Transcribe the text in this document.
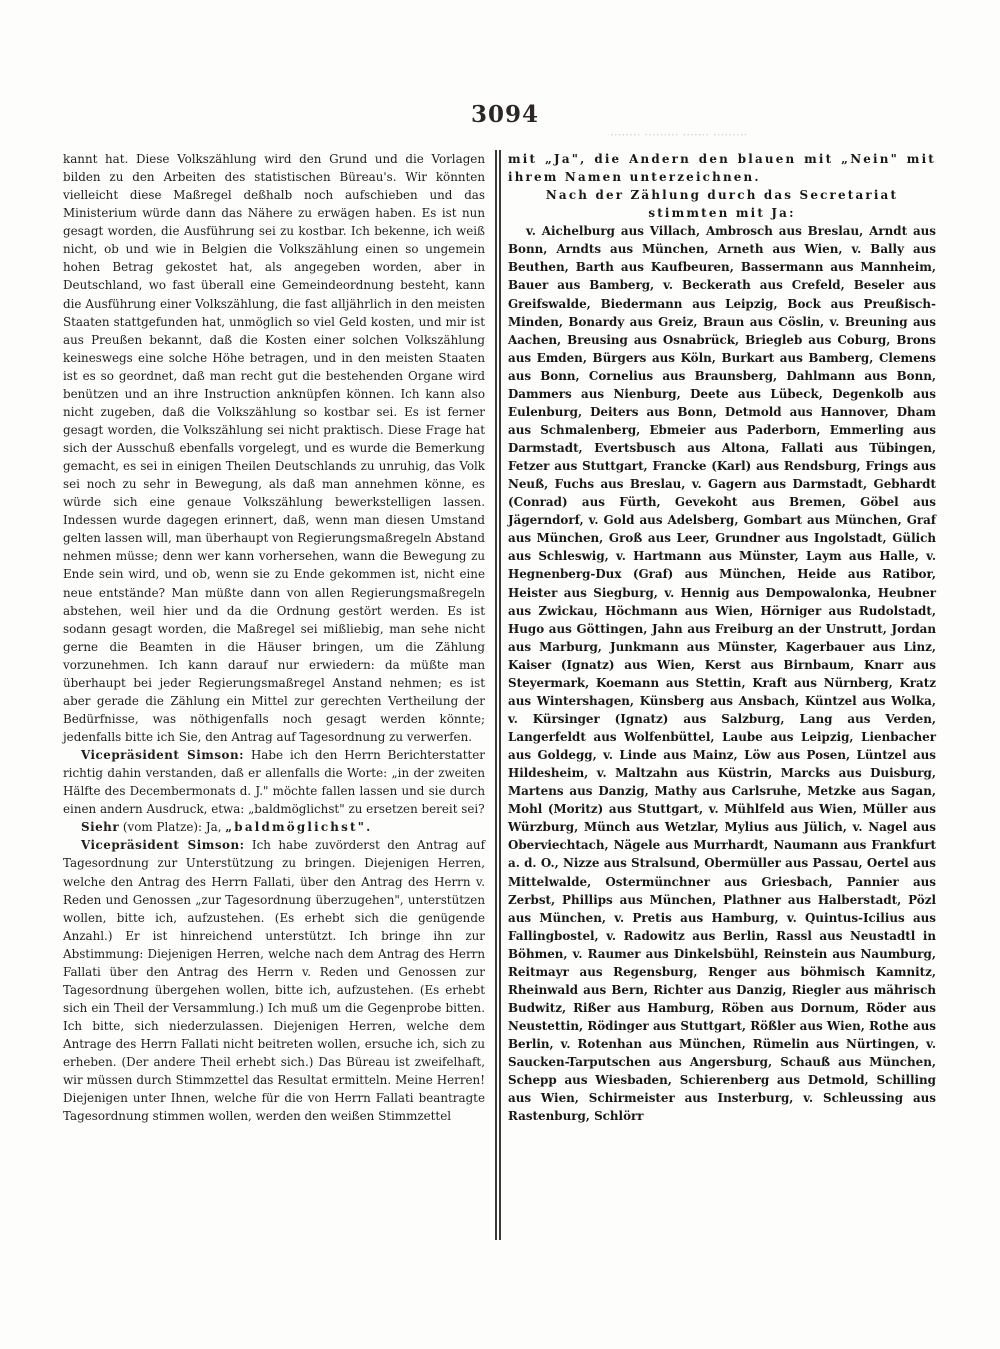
········ ········· ······· ·········
3094

kannt hat. Diese Volkszählung wird den Grund und die Vorlagen bilden zu den Arbeiten des statistischen Büreau's. Wir könnten vielleicht diese Maßregel deßhalb noch aufschieben und das Ministerium würde dann das Nähere zu erwägen haben. Es ist nun gesagt worden, die Ausführung sei zu kostbar. Ich bekenne, ich weiß nicht, ob und wie in Belgien die Volkszählung einen so ungemein hohen Betrag gekostet hat, als angegeben worden, aber in Deutschland, wo fast überall eine Gemeindeordnung besteht, kann die Ausführung einer Volkszählung, die fast alljährlich in den meisten Staaten stattgefunden hat, unmöglich so viel Geld kosten, und mir ist aus Preußen bekannt, daß die Kosten einer solchen Volkszählung keineswegs eine solche Höhe betragen, und in den meisten Staaten ist es so geordnet, daß man recht gut die bestehenden Organe wird benützen und an ihre Instruction anknüpfen können. Ich kann also nicht zugeben, daß die Volkszählung so kostbar sei. Es ist ferner gesagt worden, die Volkszählung sei nicht praktisch. Diese Frage hat sich der Ausschuß ebenfalls vorgelegt, und es wurde die Bemerkung gemacht, es sei in einigen Theilen Deutschlands zu unruhig, das Volk sei noch zu sehr in Bewegung, als daß man annehmen könne, es würde sich eine genaue Volkszählung bewerkstelligen lassen. Indessen wurde dagegen erinnert, daß, wenn man diesen Umstand gelten lassen will, man überhaupt von Regierungsmaßregeln Abstand nehmen müsse; denn wer kann vorhersehen, wann die Bewegung zu Ende sein wird, und ob, wenn sie zu Ende gekommen ist, nicht eine neue entstände? Man müßte dann von allen Regierungsmaßregeln abstehen, weil hier und da die Ordnung gestört werden. Es ist sodann gesagt worden, die Maßregel sei mißliebig, man sehe nicht gerne die Beamten in die Häuser bringen, um die Zählung vorzunehmen. Ich kann darauf nur erwiedern: da müßte man überhaupt bei jeder Regierungsmaßregel Anstand nehmen; es ist aber gerade die Zählung ein Mittel zur gerechten Vertheilung der Bedürfnisse, was nöthigenfalls noch gesagt werden könnte; jedenfalls bitte ich Sie, den Antrag auf Tagesordnung zu verwerfen.

Vicepräsident Simson: Habe ich den Herrn Berichterstatter richtig dahin verstanden, daß er allenfalls die Worte: „in der zweiten Hälfte des Decembermonats d. J." möchte fallen lassen und sie durch einen andern Ausdruck, etwa: „baldmöglichst" zu ersetzen bereit sei?

Siehr (vom Platze): Ja, „baldmöglichst".

Vicepräsident Simson: Ich habe zuvörderst den Antrag auf Tagesordnung zur Unterstützung zu bringen. Diejenigen Herren, welche den Antrag des Herrn Fallati, über den Antrag des Herrn v. Reden und Genossen „zur Tagesordnung überzugehen", unterstützen wollen, bitte ich, aufzustehen. (Es erhebt sich die genügende Anzahl.) Er ist hinreichend unterstützt. Ich bringe ihn zur Abstimmung: Diejenigen Herren, welche nach dem Antrag des Herrn Fallati über den Antrag des Herrn v. Reden und Genossen zur Tagesordnung übergehen wollen, bitte ich, aufzustehen. (Es erhebt sich ein Theil der Versammlung.) Ich muß um die Gegenprobe bitten. Ich bitte, sich niederzulassen. Diejenigen Herren, welche dem Antrage des Herrn Fallati nicht beitreten wollen, ersuche ich, sich zu erheben. (Der andere Theil erhebt sich.) Das Büreau ist zweifelhaft, wir müssen durch Stimmzettel das Resultat ermitteln. Meine Herren! Diejenigen unter Ihnen, welche für die von Herrn Fallati beantragte Tagesordnung stimmen wollen, werden den weißen Stimmzettel

mit „Ja", die Andern den blauen mit „Nein" mit ihrem Namen unterzeichnen.

Nach der Zählung durch das Secretariat stimmten mit Ja:

v. Aichelburg aus Villach, Ambrosch aus Breslau, Arndt aus Bonn, Arndts aus München, Arneth aus Wien, v. Bally aus Beuthen, Barth aus Kaufbeuren, Bassermann aus Mannheim, Bauer aus Bamberg, v. Beckerath aus Crefeld, Beseler aus Greifswalde, Biedermann aus Leipzig, Bock aus Preußisch-Minden, Bonardy aus Greiz, Braun aus Cöslin, v. Breuning aus Aachen, Breusing aus Osnabrück, Briegleb aus Coburg, Brons aus Emden, Bürgers aus Köln, Burkart aus Bamberg, Clemens aus Bonn, Cornelius aus Braunsberg, Dahlmann aus Bonn, Dammers aus Nienburg, Deete aus Lübeck, Degenkolb aus Eulenburg, Deiters aus Bonn, Detmold aus Hannover, Dham aus Schmalenberg, Ebmeier aus Paderborn, Emmerling aus Darmstadt, Evertsbusch aus Altona, Fallati aus Tübingen, Fetzer aus Stuttgart, Francke (Karl) aus Rendsburg, Frings aus Neuß, Fuchs aus Breslau, v. Gagern aus Darmstadt, Gebhardt (Conrad) aus Fürth, Gevekoht aus Bremen, Göbel aus Jägerndorf, v. Gold aus Adelsberg, Gombart aus München, Graf aus München, Groß aus Leer, Grundner aus Ingolstadt, Gülich aus Schleswig, v. Hartmann aus Münster, Laym aus Halle, v. Hegnenberg-Dux (Graf) aus München, Heide aus Ratibor, Heister aus Siegburg, v. Hennig aus Dempowalonka, Heubner aus Zwickau, Höchmann aus Wien, Hörniger aus Rudolstadt, Hugo aus Göttingen, Jahn aus Freiburg an der Unstrutt, Jordan aus Marburg, Junkmann aus Münster, Kagerbauer aus Linz, Kaiser (Ignatz) aus Wien, Kerst aus Birnbaum, Knarr aus Steyermark, Koemann aus Stettin, Kraft aus Nürnberg, Kratz aus Wintershagen, Künsberg aus Ansbach, Küntzel aus Wolka, v. Kürsinger (Ignatz) aus Salzburg, Lang aus Verden, Langerfeldt aus Wolfenbüttel, Laube aus Leipzig, Lienbacher aus Goldegg, v. Linde aus Mainz, Löw aus Posen, Lüntzel aus Hildesheim, v. Maltzahn aus Küstrin, Marcks aus Duisburg, Martens aus Danzig, Mathy aus Carlsruhe, Metzke aus Sagan, Mohl (Moritz) aus Stuttgart, v. Mühlfeld aus Wien, Müller aus Würzburg, Münch aus Wetzlar, Mylius aus Jülich, v. Nagel aus Oberviechtach, Nägele aus Murrhardt, Naumann aus Frankfurt a. d. O., Nizze aus Stralsund, Obermüller aus Passau, Oertel aus Mittelwalde, Ostermünchner aus Griesbach, Pannier aus Zerbst, Phillips aus München, Plathner aus Halberstadt, Pözl aus München, v. Pretis aus Hamburg, v. Quintus-Icilius aus Fallingbostel, v. Radowitz aus Berlin, Rassl aus Neustadtl in Böhmen, v. Raumer aus Dinkelsbühl, Reinstein aus Naumburg, Reitmayr aus Regensburg, Renger aus böhmisch Kamnitz, Rheinwald aus Bern, Richter aus Danzig, Riegler aus mährisch Budwitz, Rißer aus Hamburg, Röben aus Dornum, Röder aus Neustettin, Rödinger aus Stuttgart, Rößler aus Wien, Rothe aus Berlin, v. Rotenhan aus München, Rümelin aus Nürtingen, v. Saucken-Tarputschen aus Angersburg, Schauß aus München, Schepp aus Wiesbaden, Schierenberg aus Detmold, Schilling aus Wien, Schirmeister aus Insterburg, v. Schleussing aus Rastenburg, Schlörr
